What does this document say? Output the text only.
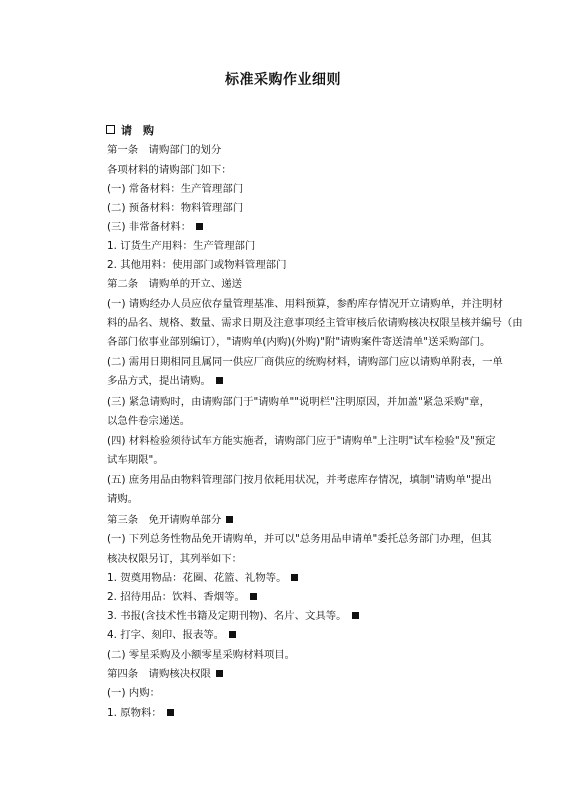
标准采购作业细则
请　购
第一条　请购部门的划分
各项材料的请购部门如下：
(一) 常备材料：生产管理部门
(二) 预备材料：物料管理部门
(三) 非常备材料：
1. 订货生产用料：生产管理部门
2. 其他用料：使用部门或物料管理部门
第二条　请购单的开立、递送
(一) 请购经办人员应依存量管理基准、用料预算，参酌库存情况开立请购单，并注明材
料的品名、规格、数量、需求日期及注意事项经主管审核后依请购核决权限呈核并编号（由
各部门依事业部别编订），"请购单(内购)(外购)"附"请购案件寄送清单"送采购部门。
(二) 需用日期相同且属同一供应厂商供应的统购材料，请购部门应以请购单附表，一单
多品方式，提出请购。
(三) 紧急请购时，由请购部门于"请购单""说明栏"注明原因，并加盖"紧急采购"章，
以急件卷宗递送。
(四) 材料检验须待试车方能实施者，请购部门应于"请购单"上注明"试车检验"及"预定
试车期限"。
(五) 庶务用品由物料管理部门按月依耗用状况，并考虑库存情况，填制"请购单"提出
请购。
第三条　免开请购单部分
(一) 下列总务性物品免开请购单，并可以"总务用品申请单"委托总务部门办理，但其
核决权限另订，其列举如下：
1. 贺奠用物品：花圈、花篮、礼物等。
2. 招待用品：饮料、香烟等。
3. 书报(含技术性书籍及定期刊物)、名片、文具等。
4. 打字、刻印、报表等。
(二) 零星采购及小额零星采购材料项目。
第四条　请购核决权限
(一) 内购：
1. 原物料：
